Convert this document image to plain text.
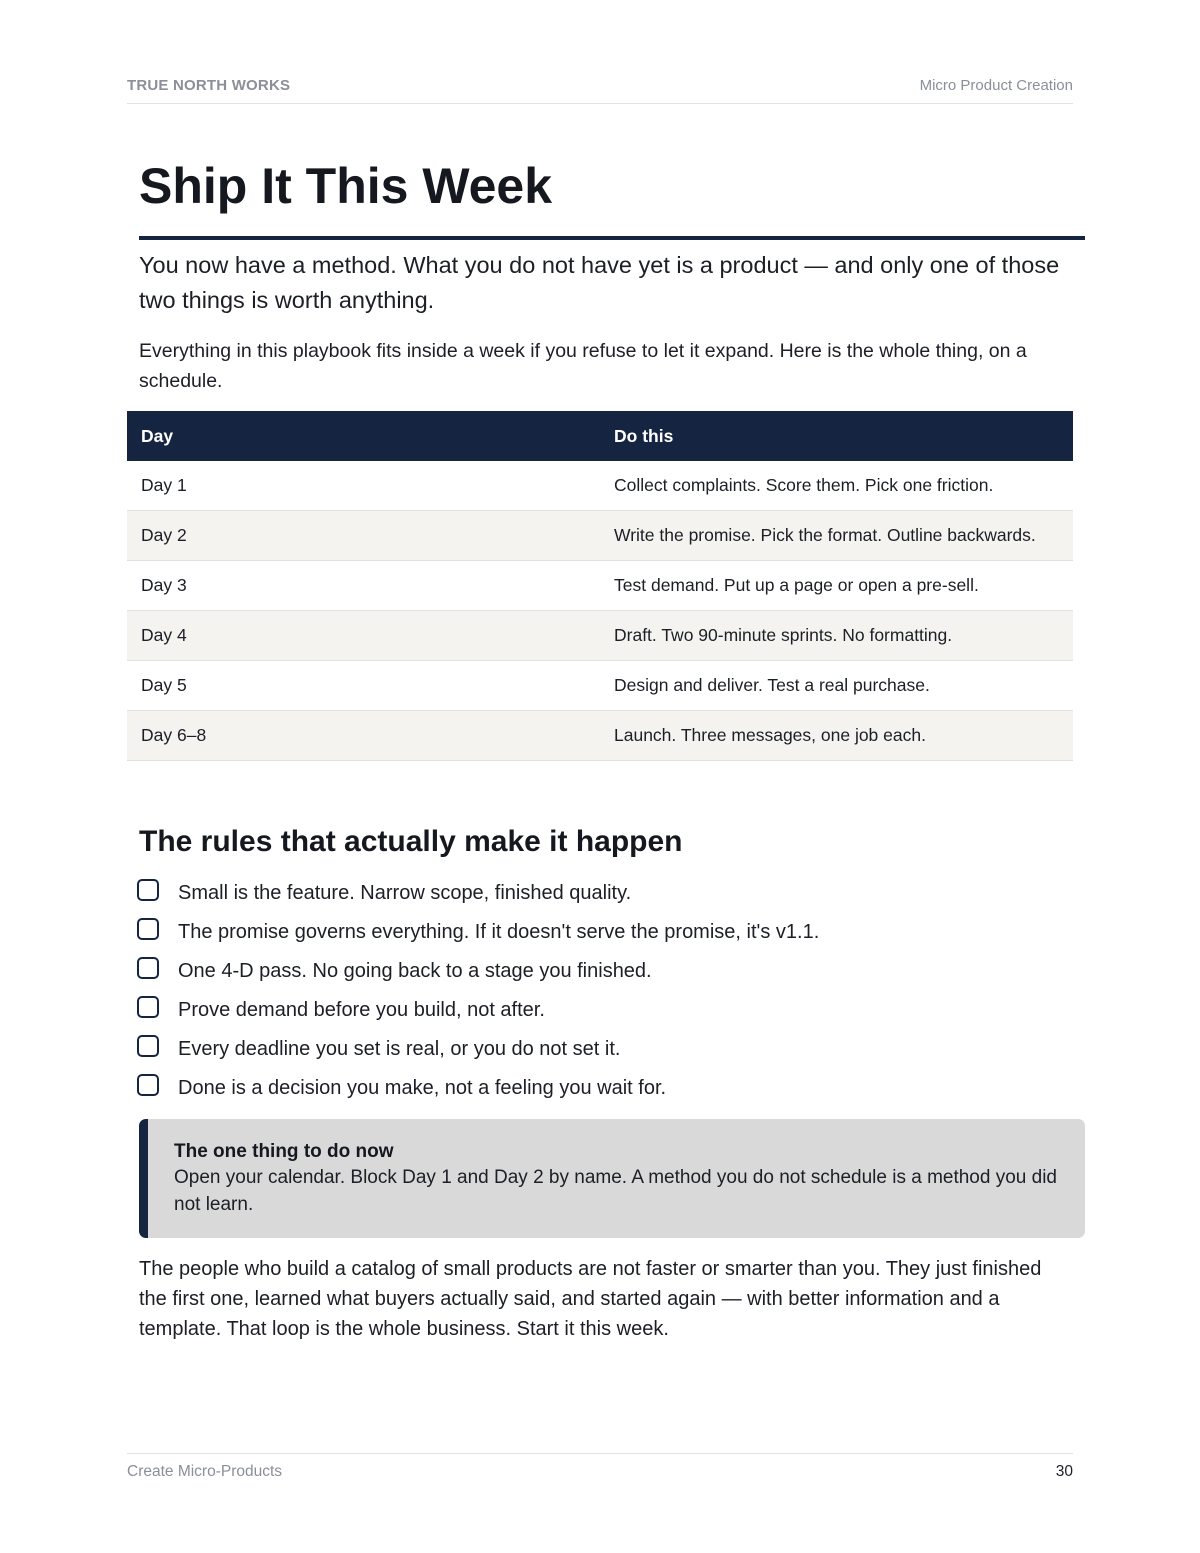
TRUE NORTH WORKS	Micro Product Creation
Ship It This Week

You now have a method. What you do not have yet is a product — and only one of those two things is worth anything.

Everything in this playbook fits inside a week if you refuse to let it expand. Here is the whole thing, on a schedule.

Day	Do this
Day 1	Collect complaints. Score them. Pick one friction.
Day 2	Write the promise. Pick the format. Outline backwards.
Day 3	Test demand. Put up a page or open a pre-sell.
Day 4	Draft. Two 90-minute sprints. No formatting.
Day 5	Design and deliver. Test a real purchase.
Day 6–8	Launch. Three messages, one job each.
The rules that actually make it happen
Small is the feature. Narrow scope, finished quality.
The promise governs everything. If it doesn't serve the promise, it's v1.1.
One 4-D pass. No going back to a stage you finished.
Prove demand before you build, not after.
Every deadline you set is real, or you do not set it.
Done is a decision you make, not a feeling you wait for.
The one thing to do now
Open your calendar. Block Day 1 and Day 2 by name. A method you do not schedule is a method you did not learn.

The people who build a catalog of small products are not faster or smarter than you. They just finished the first one, learned what buyers actually said, and started again — with better information and a template. That loop is the whole business. Start it this week.

Create Micro-Products	30
